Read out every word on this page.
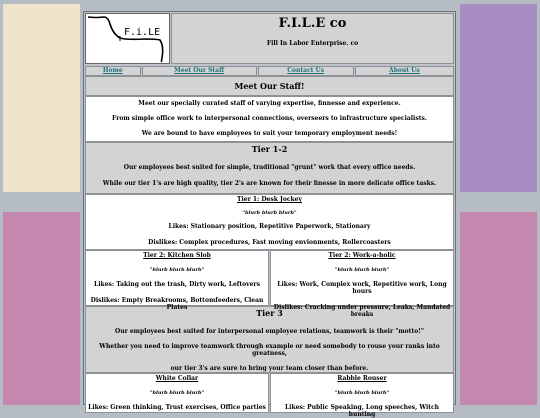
F.i.LE
F.I.L.E co
Fill In Labor Enterprise. co
Home	Meet Our Staff	Contact Us	About Us
Meet Our Staff!

Meet our specially curated staff of varying expertise, finnesse and experience.

From simple office work to interpersonal connections, overseers to infrastructure specialists.

We are bound to have employees to suit your temporary employment needs!

Tier 1-2

Our employees best suited for simple, traditional "grunt" work that every office needs.

While our tier 1's are high quality, tier 2's are known for their finesse in more delicate office tasks.

Tier 1: Desk Jockey

"blurb blurb blurb"

Likes: Stationary position, Repetitive Paperwork, Stationary

Dislikes: Complex procedures, Fast moving envionments, Rollercoasters

Tier 2: Kitchen Slob

"blurb blurb blurb"

Likes: Taking out the trash, Dirty work, Leftovers

Dislikes: Empty Breakrooms, Bottomfeeders, Clean Plates

Tier 2: Work-a-holic

"blurb blurb blurb"

Likes: Work, Complex work, Repetitive work, Long hours

Dislikes: Cracking under pressure, Leaks, Mandated breaks

Tier 3

Our employees best suited for interpersonal employee relations, teamwork is their "motto!"

Whether you need to improve teamwork through example or need somebody to rouse your ranks into greatness,

our tier 3's are sure to bring your team closer than before.

White Collar

"blurb blurb blurb"

Likes: Green thinking, Trust exercises, Office parties

Rabble Rouser

"blurb blurb blurb"

Likes: Public Speaking, Long speeches, Witch hunting
